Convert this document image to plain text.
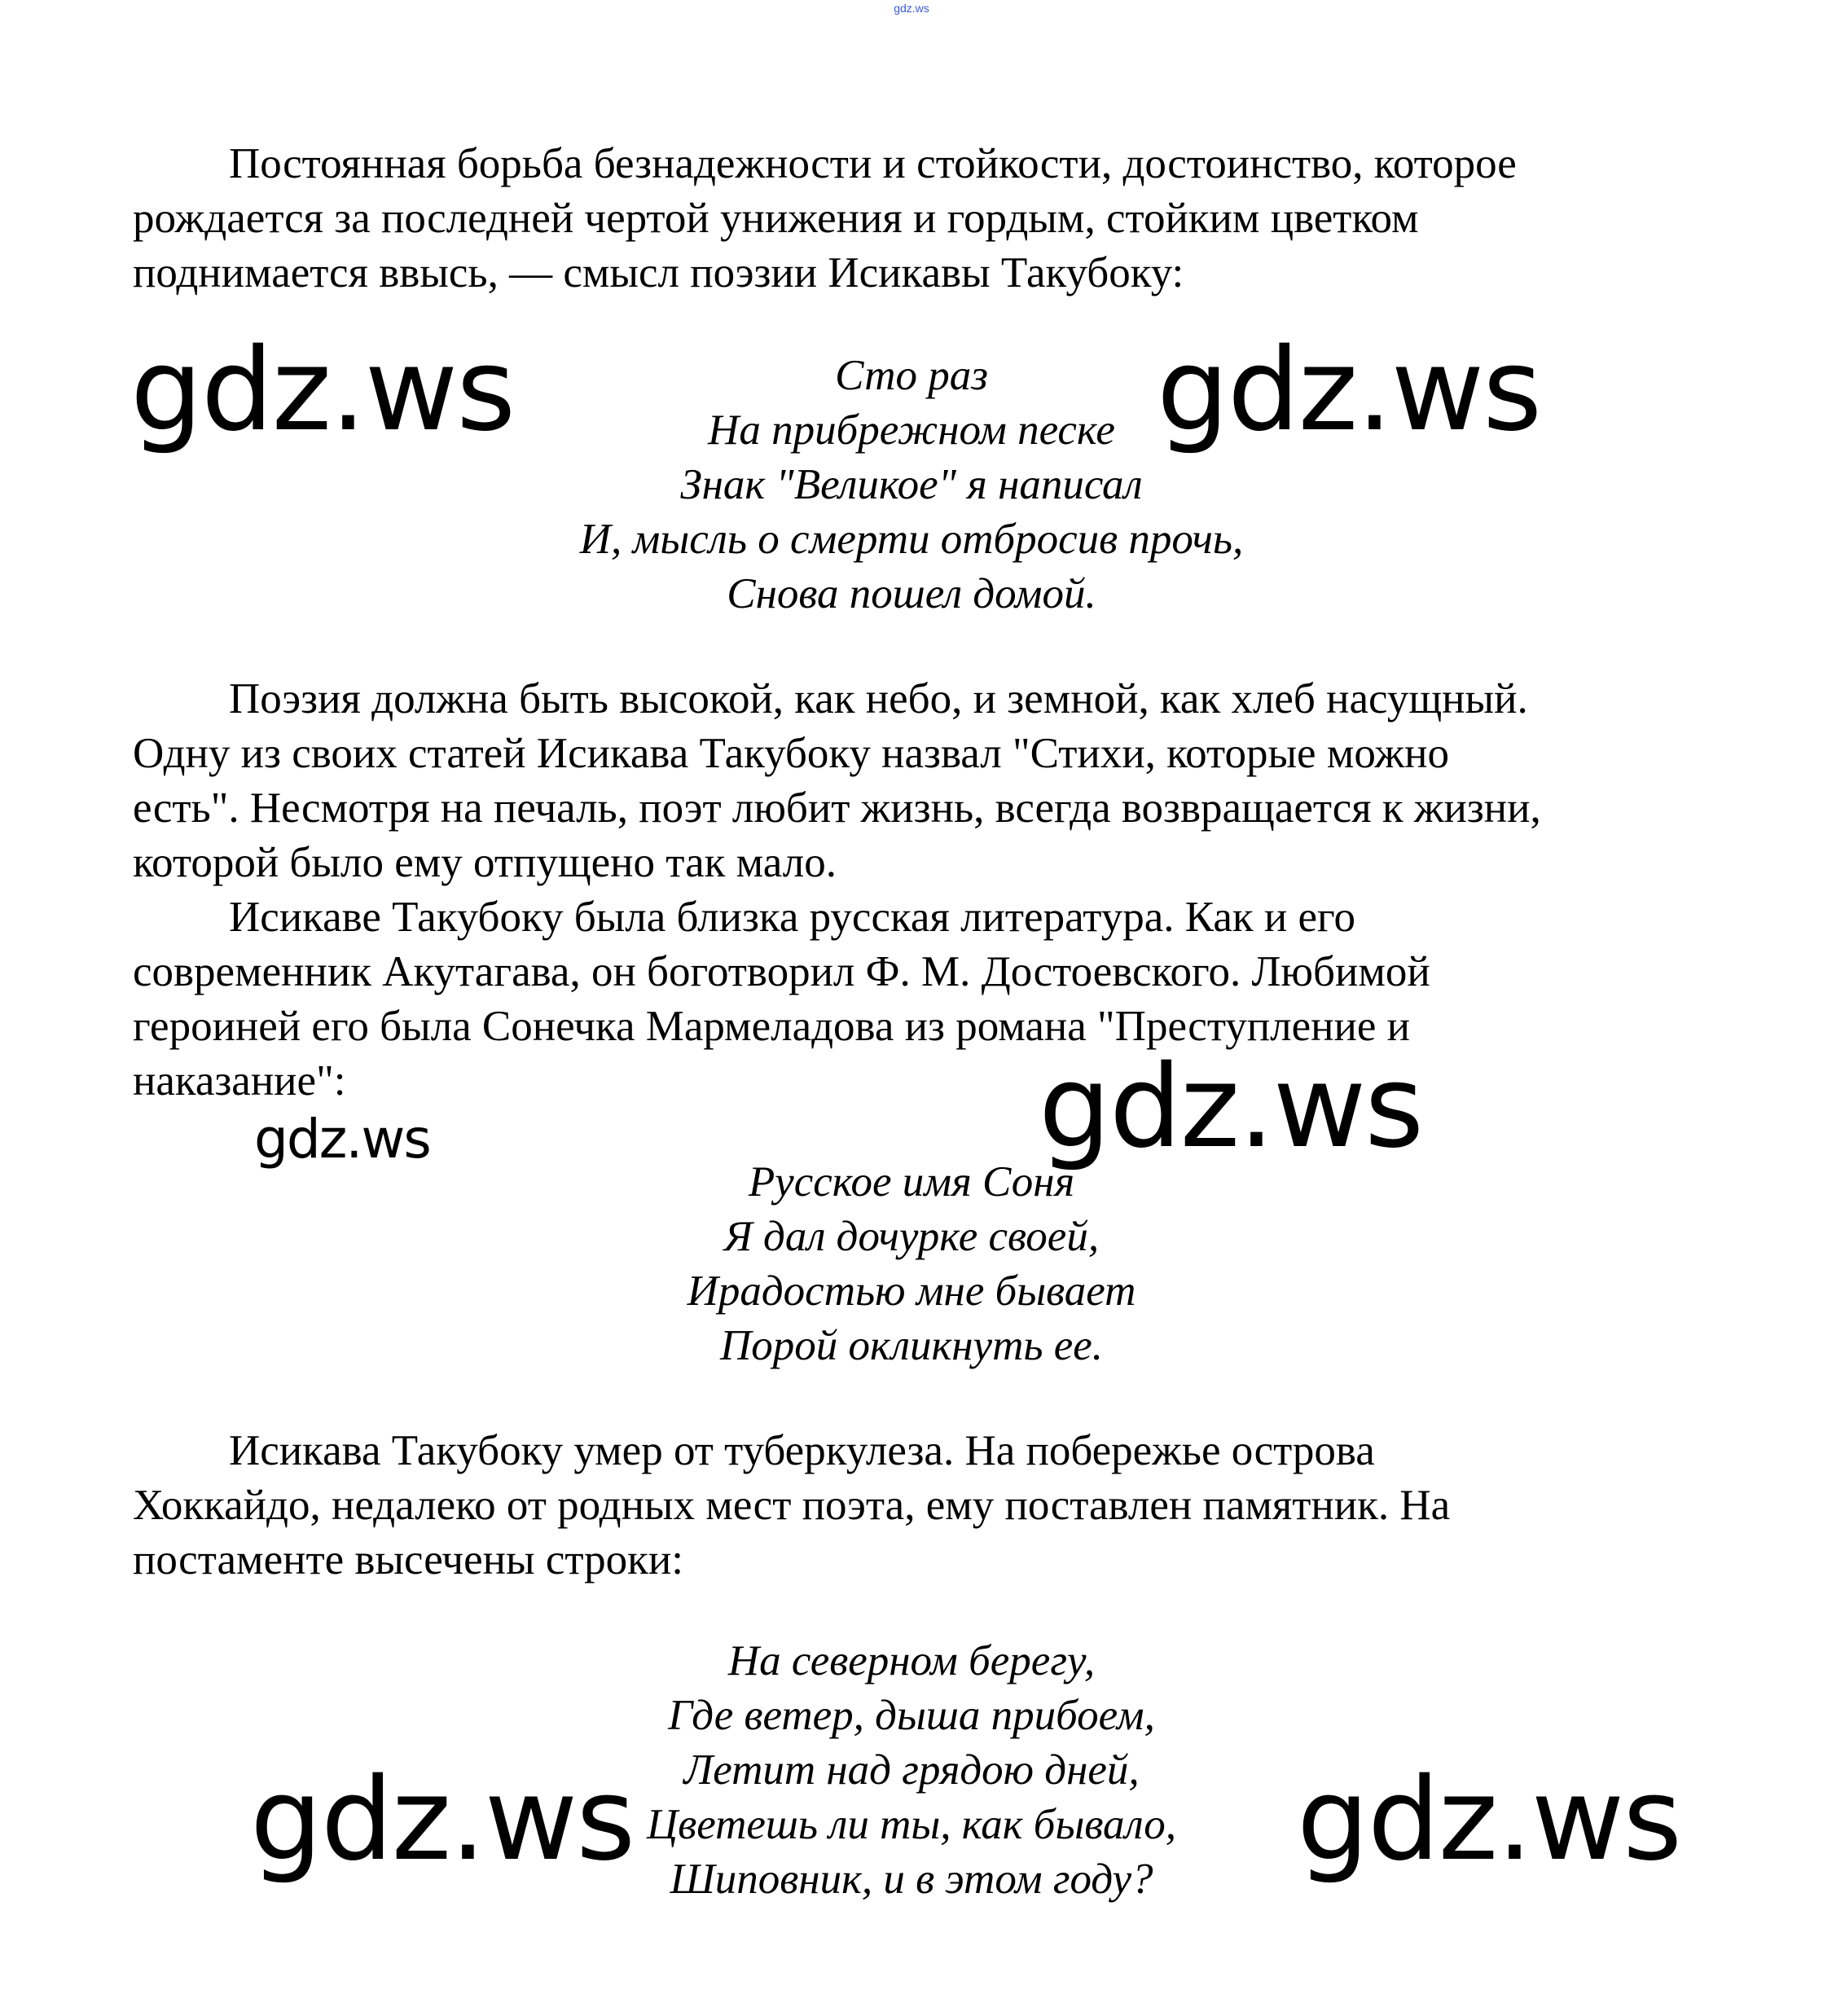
gdz.ws

Постоянная борьба безнадежности и стойкости, достоинство, которое
рождается за последней чертой унижения и гордым, стойким цветком
поднимается ввысь, — смысл поэзии Исикавы Такубоку:

Сто раз
На прибрежном песке
Знак "Великое" я написал
И, мысль о смерти отбросив прочь,
Снова пошел домой.

Поэзия должна быть высокой, как небо, и земной, как хлеб насущный.
Одну из своих статей Исикава Такубоку назвал "Стихи, которые можно
есть". Несмотря на печаль, поэт любит жизнь, всегда возвращается к жизни,
которой было ему отпущено так мало.

Исикаве Такубоку была близка русская литература. Как и его
современник Акутагава, он боготворил Ф. М. Достоевского. Любимой
героиней его была Сонечка Мармеладова из романа "Преступление и
наказание":

Русское имя Соня
Я дал дочурке своей,
Ирадостью мне бывает
Порой окликнуть ее.

Исикава Такубоку умер от туберкулеза. На побережье острова
Хоккайдо, недалеко от родных мест поэта, ему поставлен памятник. На
постаменте высечены строки:

На северном берегу,
Где ветер, дыша прибоем,
Летит над грядою дней,
Цветешь ли ты, как бывало,
Шиповник, и в этом году?
gdz.ws	gdz.ws
gdz.ws
gdz.ws
gdz.ws	gdz.ws
